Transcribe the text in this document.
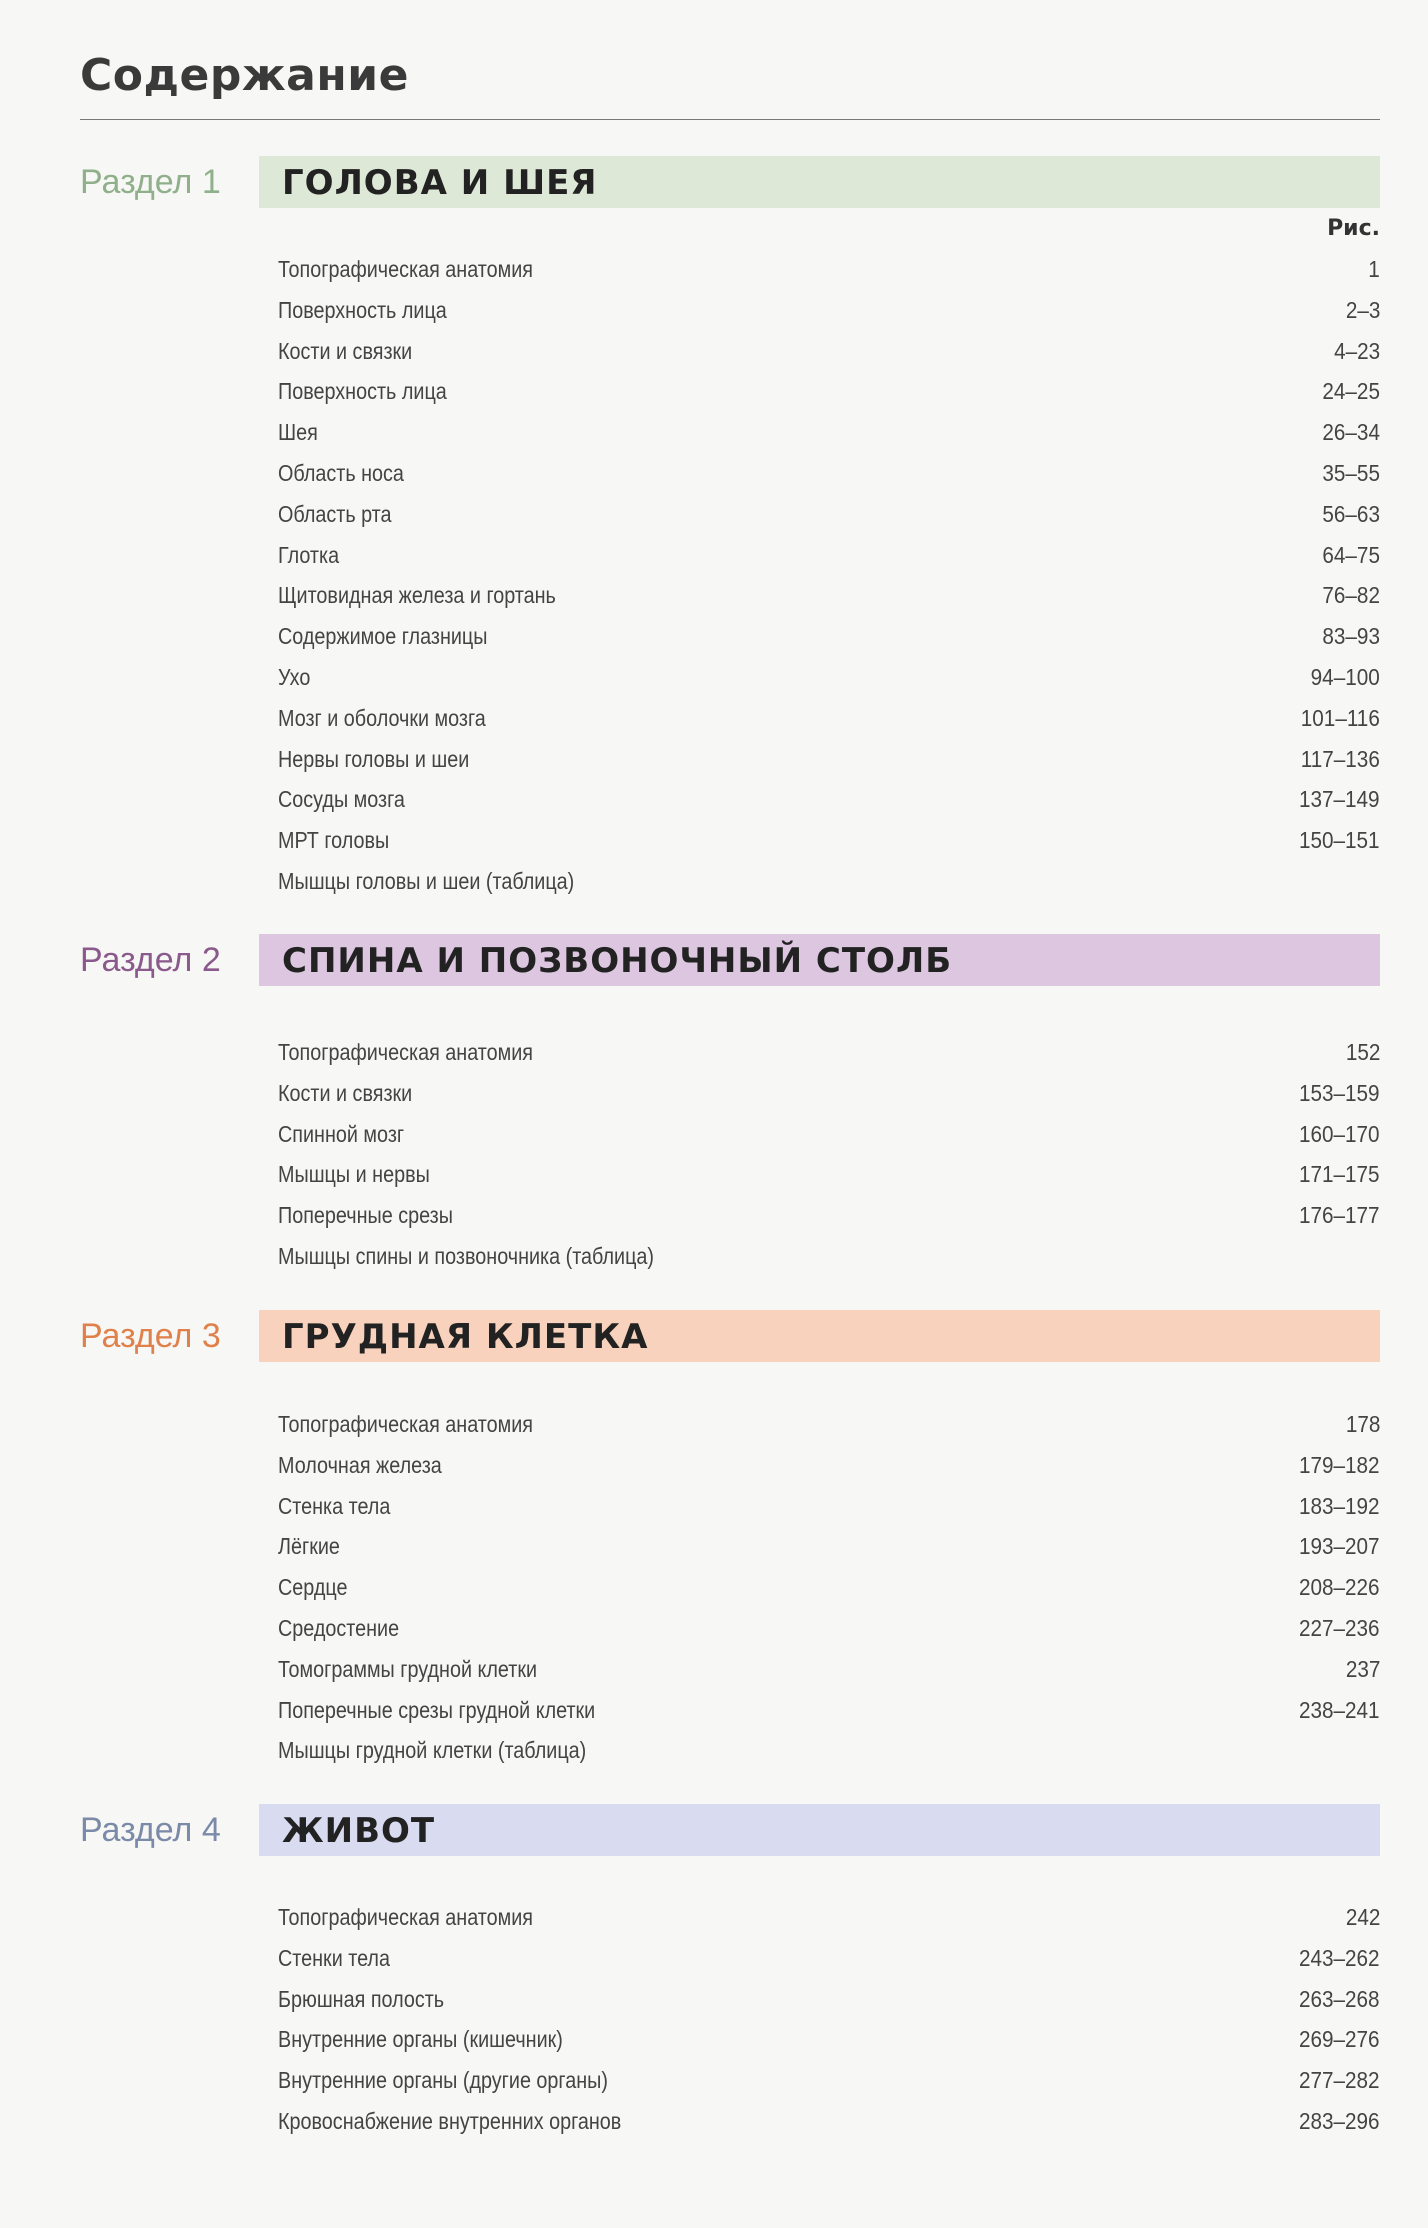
Содержание
Раздел 1 ГОЛОВА И ШЕЯ
Рис.
Топографическая анатомия	1
Поверхность лица	2–3
Кости и связки	4–23
Поверхность лица	24–25
Шея	26–34
Область носа	35–55
Область рта	56–63
Глотка	64–75
Щитовидная железа и гортань	76–82
Содержимое глазницы	83–93
Ухо	94–100
Мозг и оболочки мозга	101–116
Нервы головы и шеи	117–136
Сосуды мозга	137–149
МРТ головы	150–151
Мышцы головы и шеи (таблица)
Раздел 2 СПИНА И ПОЗВОНОЧНЫЙ СТОЛБ
Топографическая анатомия	152
Кости и связки	153–159
Спинной мозг	160–170
Мышцы и нервы	171–175
Поперечные срезы	176–177
Мышцы спины и позвоночника (таблица)
Раздел 3 ГРУДНАЯ КЛЕТКА
Топографическая анатомия	178
Молочная железа	179–182
Стенка тела	183–192
Лёгкие	193–207
Сердце	208–226
Средостение	227–236
Томограммы грудной клетки	237
Поперечные срезы грудной клетки	238–241
Мышцы грудной клетки (таблица)
Раздел 4 ЖИВОТ
Топографическая анатомия	242
Стенки тела	243–262
Брюшная полость	263–268
Внутренние органы (кишечник)	269–276
Внутренние органы (другие органы)	277–282
Кровоснабжение внутренних органов	283–296
